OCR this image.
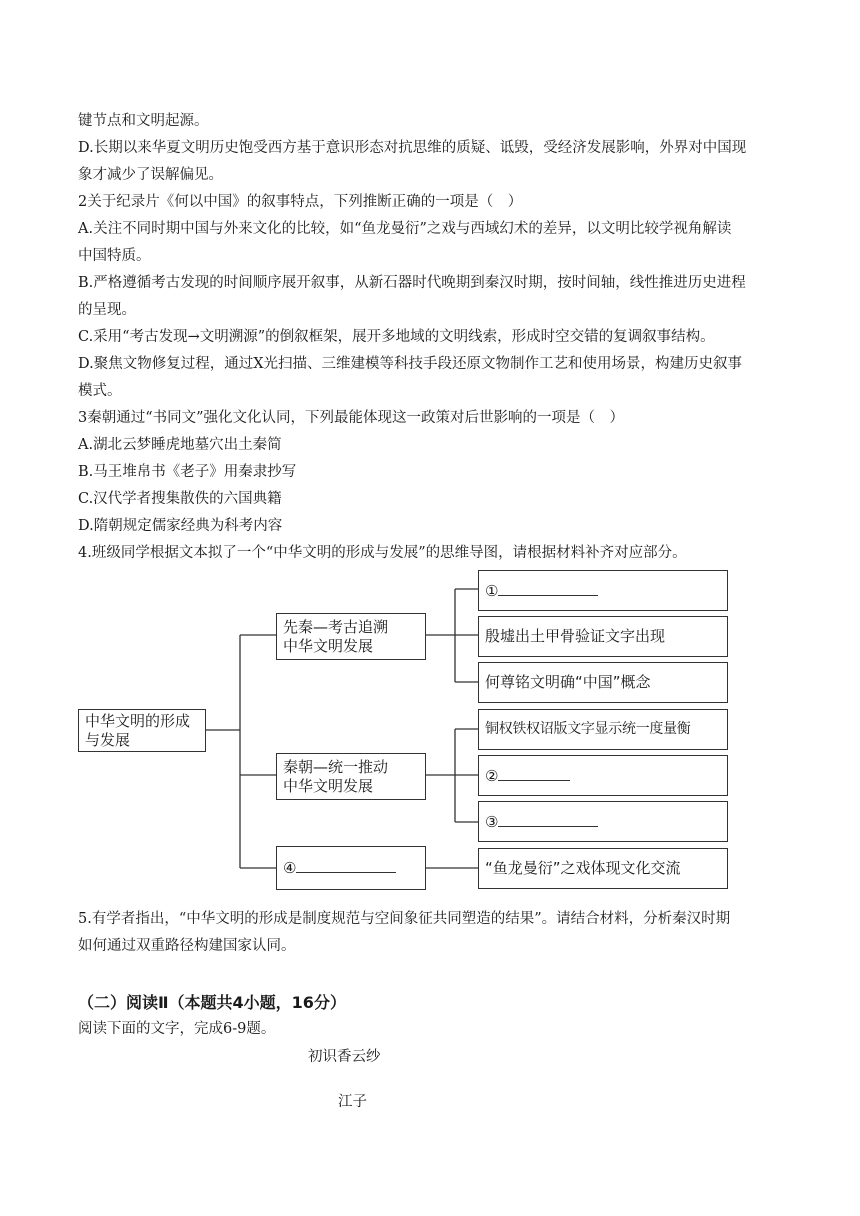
键节点和文明起源。
D.长期以来华夏文明历史饱受西方基于意识形态对抗思维的质疑、诋毁，受经济发展影响，外界对中国现
象才减少了误解偏见。
2关于纪录片《何以中国》的叙事特点，下列推断正确的一项是（　）
A.关注不同时期中国与外来文化的比较，如“鱼龙曼衍”之戏与西域幻术的差异，以文明比较学视角解读
中国特质。
B.严格遵循考古发现的时间顺序展开叙事，从新石器时代晚期到秦汉时期，按时间轴，线性推进历史进程
的呈现。
C.采用“考古发现→文明溯源”的倒叙框架，展开多地域的文明线索，形成时空交错的复调叙事结构。
D.聚焦文物修复过程，通过X光扫描、三维建模等科技手段还原文物制作工艺和使用场景，构建历史叙事
模式。
3秦朝通过“书同文”强化文化认同，下列最能体现这一政策对后世影响的一项是（　）
A.湖北云梦睡虎地墓穴出土秦简
B.马王堆帛书《老子》用秦隶抄写
C.汉代学者搜集散佚的六国典籍
D.隋朝规定儒家经典为科考内容
4.班级同学根据文本拟了一个“中华文明的形成与发展”的思维导图，请根据材料补齐对应部分。
中华文明的形成
与发展
先秦—考古追溯
中华文明发展
秦朝—统一推动
中华文明发展
④
①
殷墟出土甲骨验证文字出现
何尊铭文明确“中国”概念
铜权铁权诏版文字显示统一度量衡
②
③
“鱼龙曼衍”之戏体现文化交流
5.有学者指出，“中华文明的形成是制度规范与空间象征共同塑造的结果”。请结合材料，分析秦汉时期
如何通过双重路径构建国家认同。
（二）阅读Ⅱ（本题共4小题，16分）
阅读下面的文字，完成6-9题。
初识香云纱
江子
